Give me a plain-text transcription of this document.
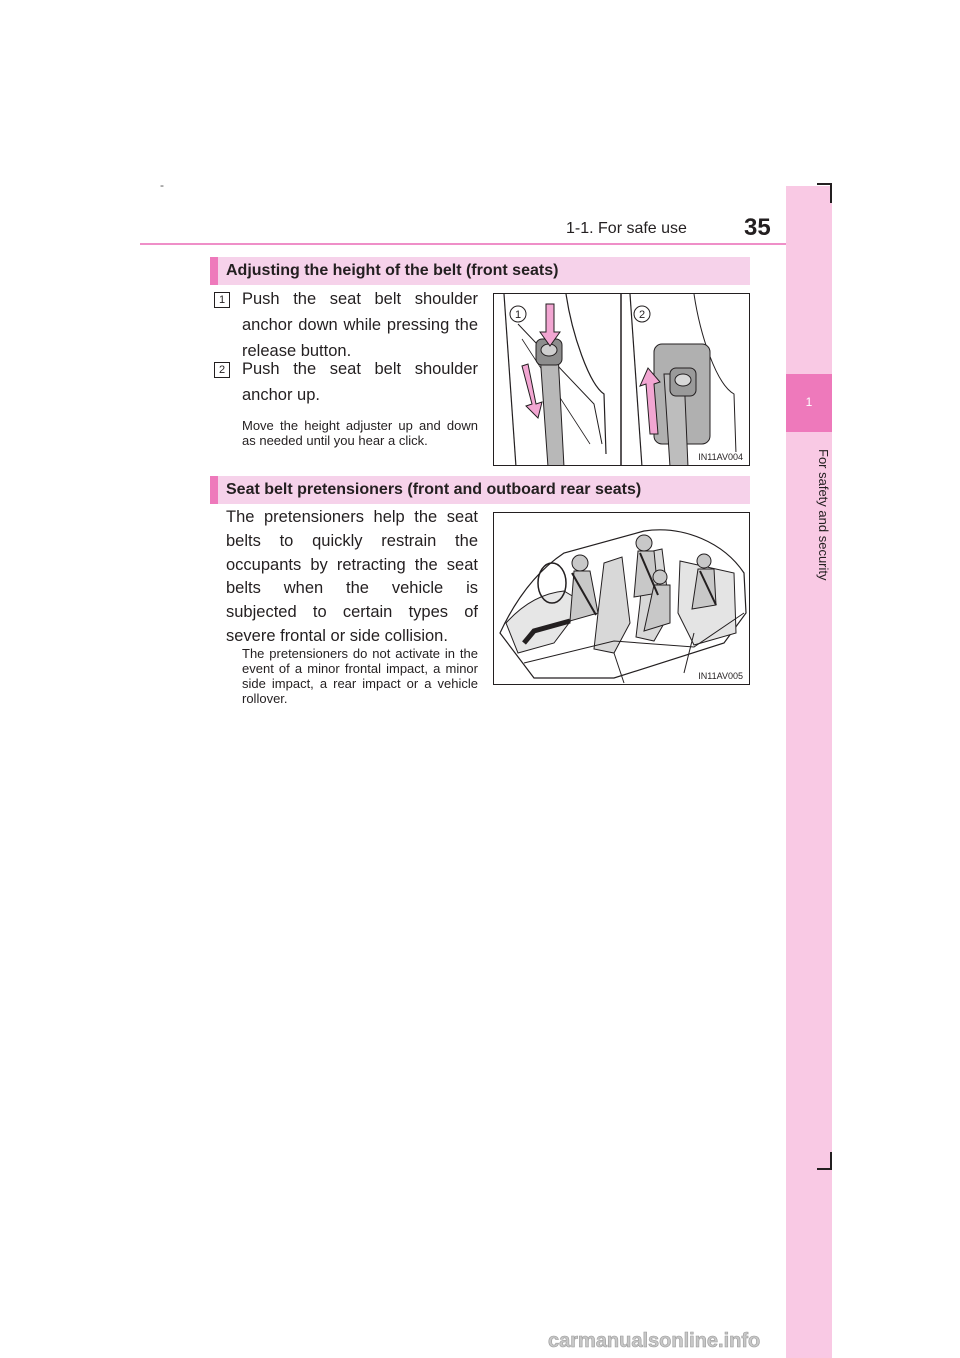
-
1-1. For safe use 35
1
For safety and security
Adjusting the height of the belt (front seats)
1 Push the seat belt shoulder anchor down while pressing the release button.
2 Push the seat belt shoulder anchor up.
Move the height adjuster up and down as needed until you hear a click.
1	2
IN11AV004
Seat belt pretensioners (front and outboard rear seats)
The pretensioners help the seat belts to quickly restrain the occupants by retracting the seat belts when the vehicle is subjected to certain types of severe frontal or side collision.
The pretensioners do not activate in the event of a minor frontal impact, a minor side impact, a rear impact or a vehicle rollover.
IN11AV005
carmanualsonline.info
